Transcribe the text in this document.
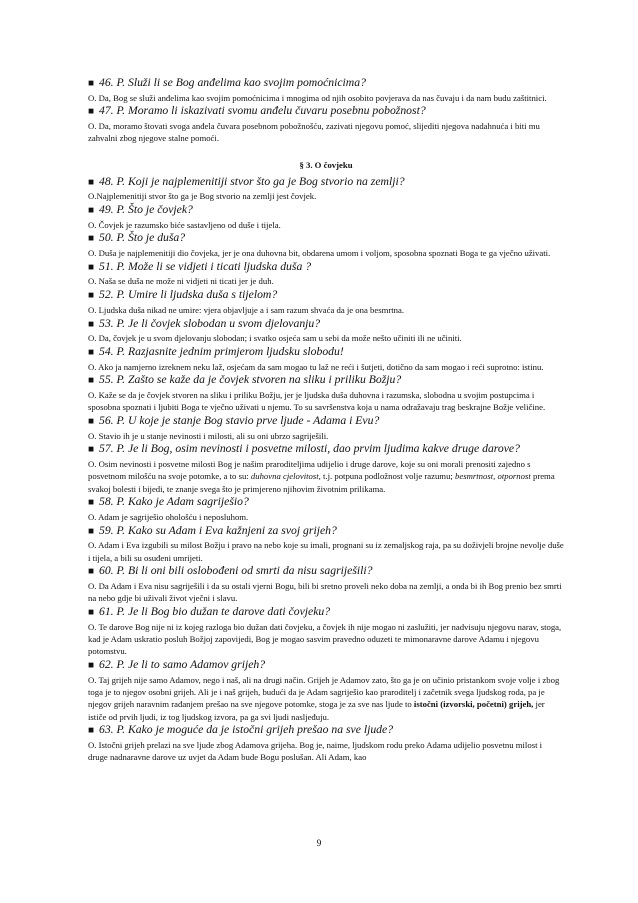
■ 46. P. Služi li se Bog anđelima kao svojim pomoćnicima?

O. Da, Bog se služi anđelima kao svojim pomoćnicima i mnogima od njih osobito povjerava da nas čuvaju i da nam budu zaštitnici.

■ 47. P. Moramo li iskazivati svomu anđelu čuvaru posebnu pobožnost?

O. Da, moramo štovati svoga anđela čuvara posebnom pobožnošću, zazivati njegovu pomoć, slijediti njegova nadahnuća i biti mu zahvalni zbog njegove stalne pomoći.

§ 3. O čovjeku

■ 48. P. Koji je najplemenitiji stvor što ga je Bog stvorio na zemlji?

O.Najplemenitiji stvor što ga je Bog stvorio na zemlji jest čovjek.

■ 49. P. Što je čovjek?

O. Čovjek je razumsko biće sastavljeno od duše i tijela.

■ 50. P. Što je duša?

O. Duša je najplemenitiji dio čovjeka, jer je ona duhovna bit, obdarena umom i voljom, sposobna spoznati Boga te ga vječno uživati.

■ 51. P. Može li se vidjeti i ticati ljudska duša ?

O. Naša se duša ne može ni vidjeti ni ticati jer je duh.

■ 52. P. Umire li ljudska duša s tijelom?

O. Ljudska duša nikad ne umire: vjera objavljuje a i sam razum shvaća da je ona besmrtna.

■ 53. P. Je li čovjek slobodan u svom djelovanju?

O. Da, čovjek je u svom djelovanju slobodan; i svatko osjeća sam u sebi da može nešto učiniti ili ne učiniti.

■ 54. P. Razjasnite jednim primjerom ljudsku slobodu!

O. Ako ja namjerno izreknem neku laž, osjećam da sam mogao tu laž ne reći i šutjeti, dotično da sam mogao i reći suprotno: istinu.

■ 55. P. Zašto se kaže da je čovjek stvoren na sliku i priliku Božju?

O. Kaže se da je čovjek stvoren na sliku i priliku Božju, jer je ljudska duša duhovna i razumska, slobodna u svojim postupcima i sposobna spoznati i ljubiti Boga te vječno uživati u njemu. To su savršenstva koja u nama odražavaju trag beskrajne Božje veličine.

■ 56. P. U koje je stanje Bog stavio prve ljude - Adama i Evu?

O. Stavio ih je u stanje nevinosti i milosti, ali su oni ubrzo sagriješili.

■ 57. P. Je li Bog, osim nevinosti i posvetne milosti, dao prvim ljudima kakve druge darove?

O. Osim nevinosti i posvetne milosti Bog je našim praroditeljima udijelio i druge darove, koje su oni morali prenositi zajedno s posvetnom milošću na svoje potomke, a to su: duhovna cjelovitost, t.j. potpuna podložnost volje razumu; besmrtnost, otpornost prema svakoj bolesti i bijedi, te znanje svega što je primjereno njihovim životnim prilikama.

■ 58. P. Kako je Adam sagriješio?

O. Adam je sagriješio ohološću i neposluhom.

■ 59. P. Kako su Adam i Eva kažnjeni za svoj grijeh?

O. Adam i Eva izgubili su milost Božju i pravo na nebo koje su imali, prognani su iz zemaljskog raja, pa su doživjeli brojne nevolje duše i tijela, a bili su osuđeni umrijeti.

■ 60. P. Bi li oni bili oslobođeni od smrti da nisu sagriješili?

O. Da Adam i Eva nisu sagriješili i da su ostali vjerni Bogu, bili bi sretno proveli neko doba na zemlji, a onda bi ih Bog prenio bez smrti na nebo gdje bi uživali život vječni i slavu.

■ 61. P. Je li Bog bio dužan te darove dati čovjeku?

O. Te darove Bog nije ni iz kojeg razloga bio dužan dati čovjeku, a čovjek ih nije mogao ni zaslužiti, jer nadvisuju njegovu narav, stoga, kad je Adam uskratio posluh Božjoj zapovijedi, Bog je mogao sasvim pravedno oduzeti te mimonaravne darove Adamu i njegovu potomstvu.

■ 62. P. Je li to samo Adamov grijeh?

O. Taj grijeh nije samo Adamov, nego i naš, ali na drugi način. Grijeh je Adamov zato, što ga je on učinio pristankom svoje volje i zbog toga je to njegov osobni grijeh. Ali je i naš grijeh, budući da je Adam sagriješio kao praroditelj i začetnik svega ljudskog roda, pa je njegov grijeh naravnim rađanjem prešao na sve njegove potomke, stoga je za sve nas ljude to istočni (izvorski, početni) grijeh, jer ističe od prvih ljudi, iz tog ljudskog izvora, pa ga svi ljudi nasljeđuju.

■ 63. P. Kako je moguće da je istočni grijeh prešao na sve ljude?

O. Istočni grijeh prelazi na sve ljude zbog Adamova grijeha. Bog je, naime, ljudskom rodu preko Adama udijelio posvetnu milost i druge nadnaravne darove uz uvjet da Adam bude Bogu poslušan. Ali Adam, kao

9
